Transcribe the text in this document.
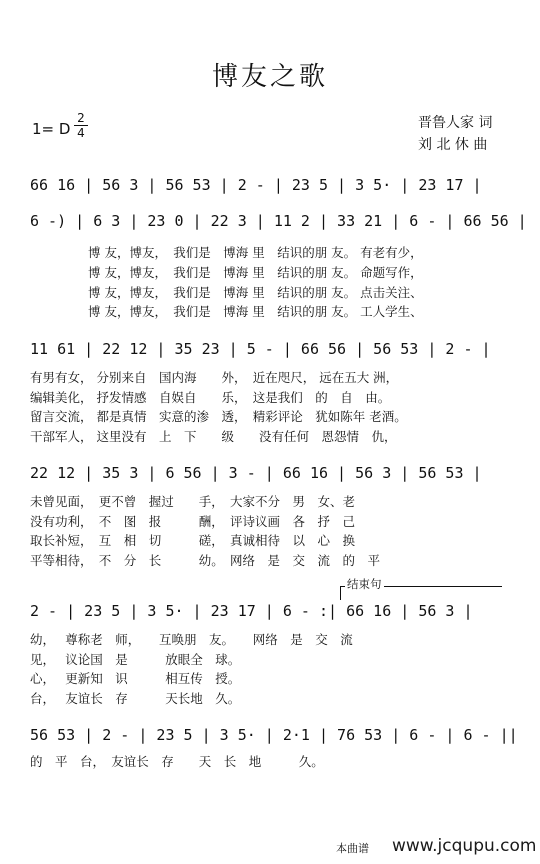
博友之歌
1= D
2
4
晋鲁人家 词
刘 北 休 曲
66 16 | 56 3 | 56 53 | 2 - | 23 5 | 3 5· | 23 17 |
6 -) | 6 3 | 23 0 | 22 3 | 11 2 | 33 21 | 6 - | 66 56 |
博 友，博友，　我们是　博海 里　结识的朋 友。 有老有少，
博 友，博友，　我们是　博海 里　结识的朋 友。 命题写作，
博 友，博友，　我们是　博海 里　结识的朋 友。 点击关注、
博 友，博友，　我们是　博海 里　结识的朋 友。 工人学生、
11 61 | 22 12 | 35 23 | 5 - | 66 56 | 56 53 | 2 - |
有男有女， 分别来自　国内海　　外，　近在咫尺， 远在五大 洲，
编辑美化， 抒发情感　自娱自　　乐，　这是我们　的　自　由。
留言交流， 都是真情　实意的渗　透，　精彩评论　犹如陈年 老酒。
干部军人， 这里没有　上　下　　级　　没有任何　恩怨情　仇，
22 12 | 35 3 | 6 56 | 3 - | 66 16 | 56 3 | 56 53 |
未曾见面，　更不曾　握过　　手，　大家不分　男　女、老
没有功利，　不　图　报　　　酬，　评诗议画　各　抒　己
取长补短，　互　相　切　　　磋，　真诚相待　以　心　换
平等相待，　不　分　长　　　幼。　网络　是　交　流　的　平
结束句
2 - | 23 5 | 3 5· | 23 17 | 6 - :| 66 16 | 56 3 |
幼，　 尊称老　师，　　互唤朋　友。　　网络　是　交　流
见，　 议论国　是　　　放眼全　球。
心，　 更新知　识　　　相互传　授。
台，　 友谊长　存　　　天长地　久。
56 53 | 2 - | 23 5 | 3 5· | 2·1 | 76 53 | 6 - | 6 - ||
的　平　台，　友谊长　存　　天　长　地　　　久。
本曲谱 www.jcqupu.com
